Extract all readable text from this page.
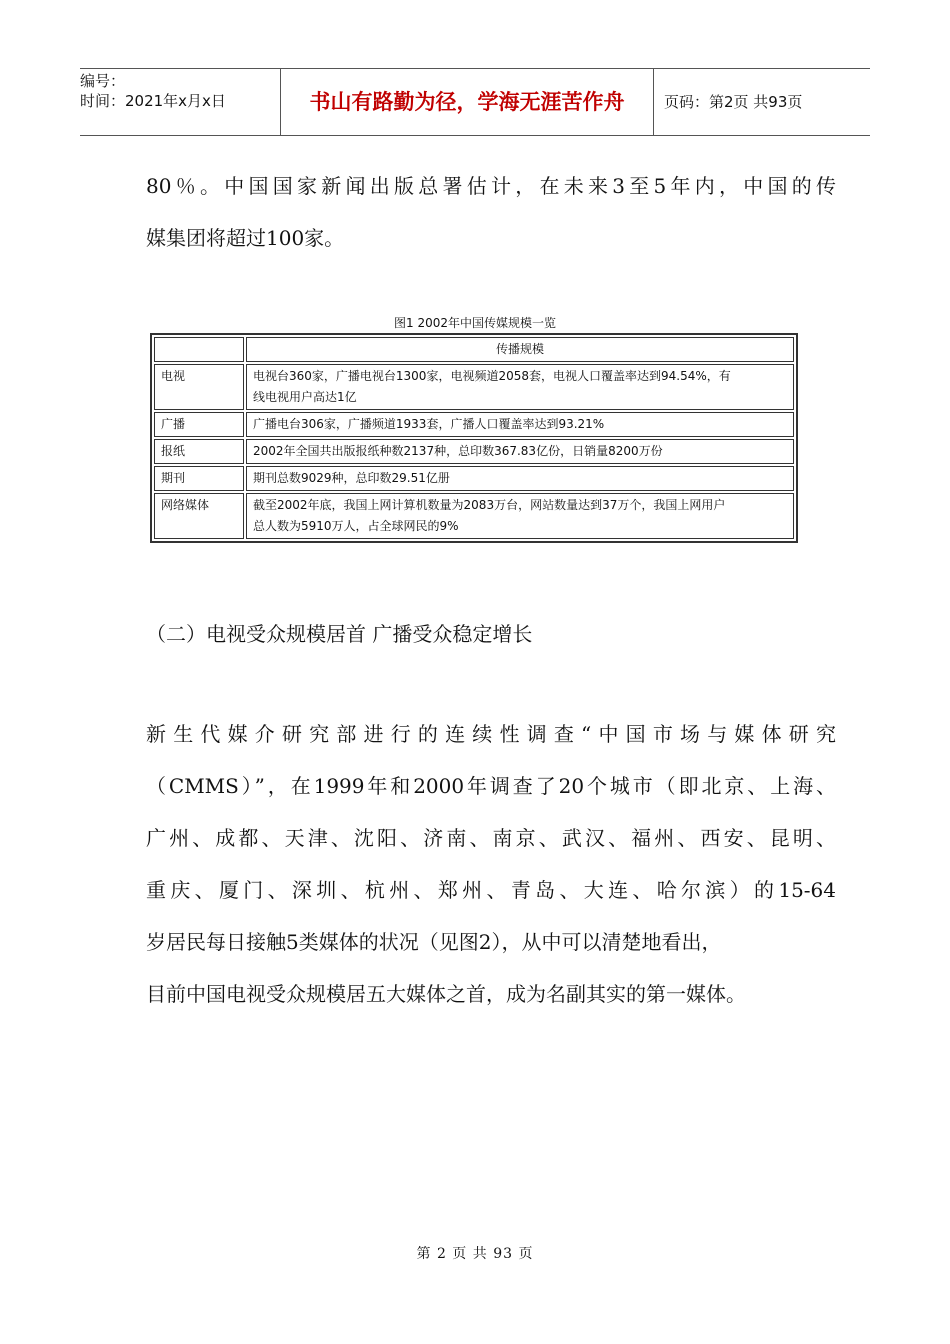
编号：
时间：2021年x月x日	书山有路勤为径，学海无涯苦作舟	页码：第2页 共93页
80％。中国国家新闻出版总署估计，在未来3至5年内，中国的传
媒集团将超过100家。
图1 2002年中国传媒规模一览
	传播规模
电视	电视台360家，广播电视台1300家，电视频道2058套，电视人口覆盖率达到94.54%，有
线电视用户高达1亿

广播	广播电台306家，广播频道1933套，广播人口覆盖率达到93.21%

报纸	2002年全国共出版报纸种数2137种，总印数367.83亿份，日销量8200万份

期刊	期刊总数9029种，总印数29.51亿册

网络媒体	截至2002年底，我国上网计算机数量为2083万台，网站数量达到37万个，我国上网用户
总人数为5910万人，占全球网民的9%
（二）电视受众规模居首 广播受众稳定增长
新生代媒介研究部进行的连续性调查“中国市场与媒体研究
（CMMS）”，在1999年和2000年调查了20个城市（即北京、上海、
广州、成都、天津、沈阳、济南、南京、武汉、福州、西安、昆明、
重庆、厦门、深圳、杭州、郑州、青岛、大连、哈尔滨）的15-64
岁居民每日接触5类媒体的状况（见图2），从中可以清楚地看出，
目前中国电视受众规模居五大媒体之首，成为名副其实的第一媒体。
第 2 页 共 93 页
